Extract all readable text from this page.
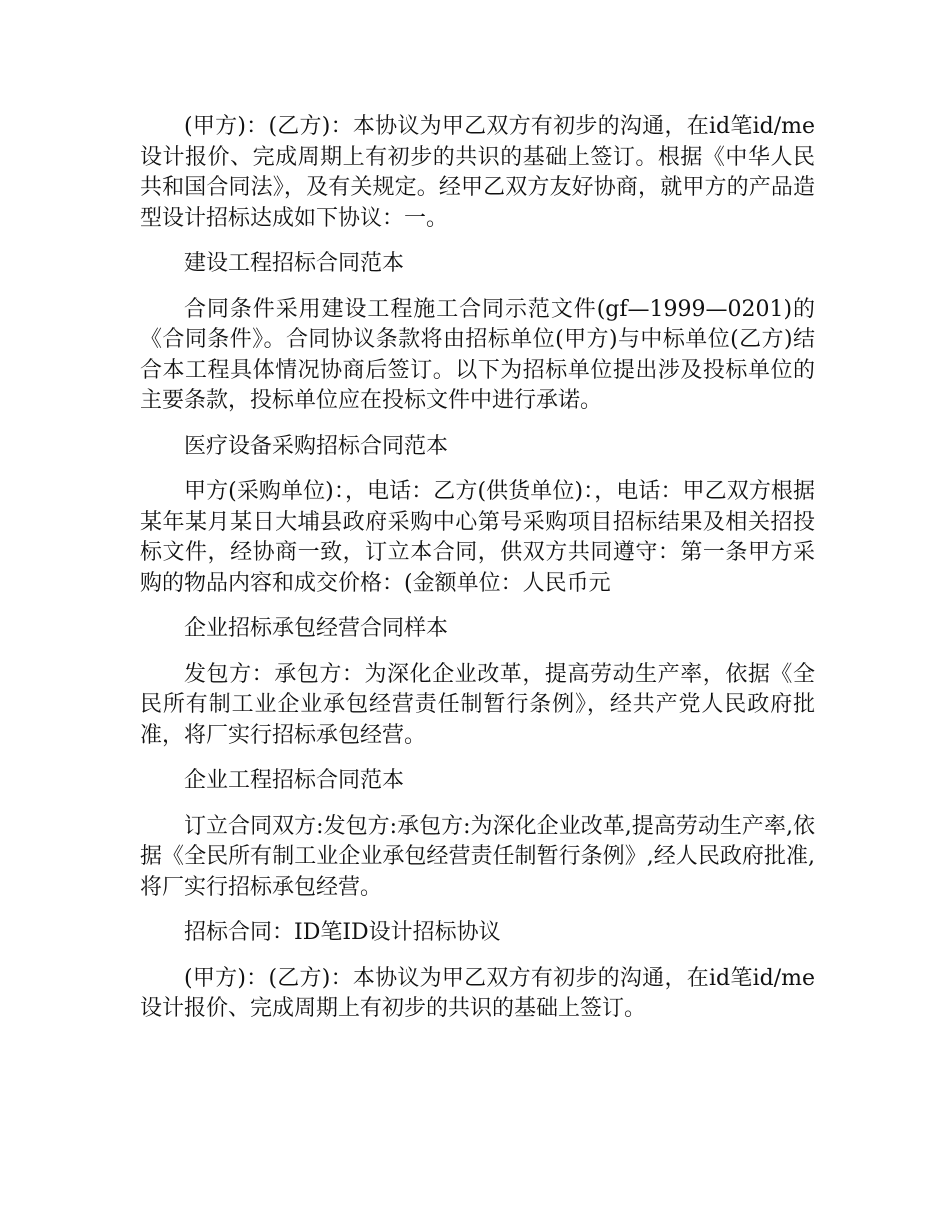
(甲方)：(乙方)：本协议为甲乙双方有初步的沟通，在id笔id/me设计报价、完成周期上有初步的共识的基础上签订。根据《中华人民共和国合同法》，及有关规定。经甲乙双方友好协商，就甲方的产品造型设计招标达成如下协议：一。

建设工程招标合同范本

合同条件采用建设工程施工合同示范文件(gf—1999—0201)的《合同条件》。合同协议条款将由招标单位(甲方)与中标单位(乙方)结合本工程具体情况协商后签订。以下为招标单位提出涉及投标单位的主要条款，投标单位应在投标文件中进行承诺。

医疗设备采购招标合同范本

甲方(采购单位)：，电话：乙方(供货单位)：，电话：甲乙双方根据某年某月某日大埔县政府采购中心第号采购项目招标结果及相关招投标文件，经协商一致，订立本合同，供双方共同遵守：第一条甲方采购的物品内容和成交价格：(金额单位：人民币元

企业招标承包经营合同样本

发包方：承包方：为深化企业改革，提高劳动生产率，依据《全民所有制工业企业承包经营责任制暂行条例》，经共产党人民政府批准，将厂实行招标承包经营。

企业工程招标合同范本

订立合同双方:发包方:承包方:为深化企业改革,提高劳动生产率,依据《全民所有制工业企业承包经营责任制暂行条例》,经人民政府批准,将厂实行招标承包经营。

招标合同：ID笔ID设计招标协议

(甲方)：(乙方)：本协议为甲乙双方有初步的沟通，在id笔id/me设计报价、完成周期上有初步的共识的基础上签订。
